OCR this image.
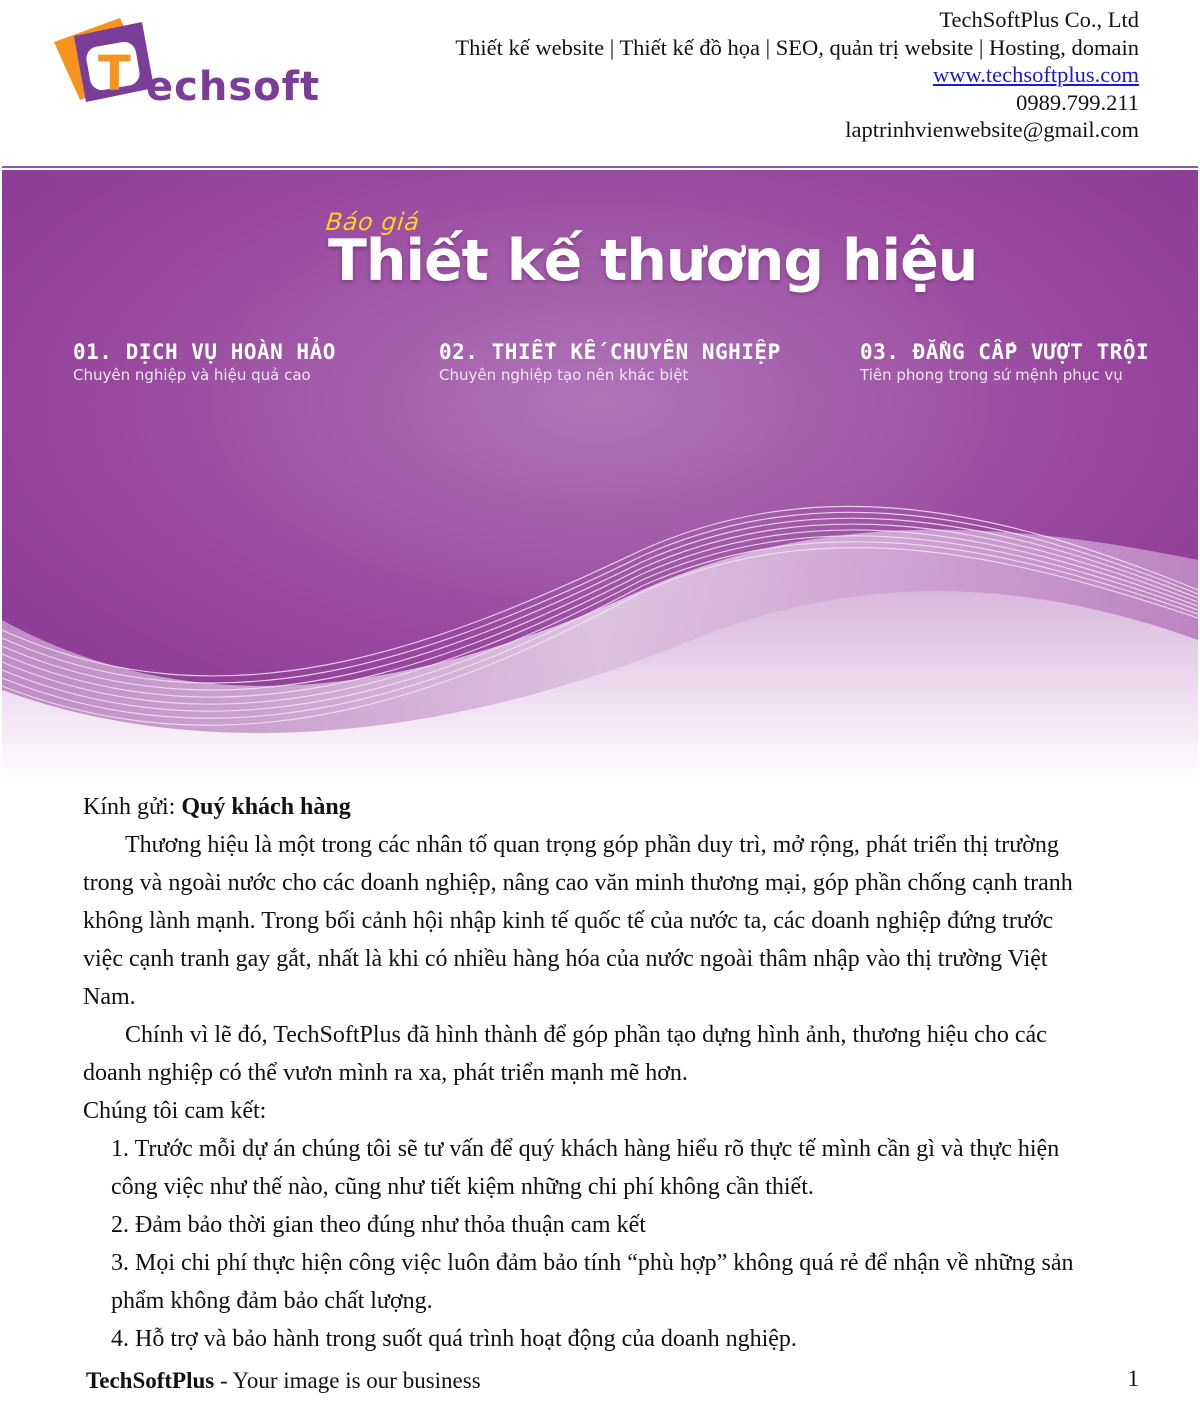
T echsoft
TechSoftPlus Co., Ltd
Thiết kế website | Thiết kế đồ họa | SEO, quản trị website | Hosting, domain
www.techsoftplus.com
0989.799.211
laptrinhvienwebsite@gmail.com
Báo giá
Thiết kế thương hiệu
01. DỊCH VỤ HOÀN HẢO
Chuyên nghiệp và hiệu quả cao
02. THIẾT KẾ CHUYÊN NGHIỆP
Chuyên nghiệp tạo nên khác biệt
03. ĐẲNG CẤP VƯỢT TRỘI
Tiên phong trong sứ mệnh phục vụ

Kính gửi: Quý khách hàng

Thương hiệu là một trong các nhân tố quan trọng góp phần duy trì, mở rộng, phát triển thị trường trong và ngoài nước cho các doanh nghiệp, nâng cao văn minh thương mại, góp phần chống cạnh tranh không lành mạnh. Trong bối cảnh hội nhập kinh tế quốc tế của nước ta, các doanh nghiệp đứng trước việc cạnh tranh gay gắt, nhất là khi có nhiều hàng hóa của nước ngoài thâm nhập vào thị trường Việt Nam.

Chính vì lẽ đó, TechSoftPlus đã hình thành để góp phần tạo dựng hình ảnh, thương hiệu cho các doanh nghiệp có thể vươn mình ra xa, phát triển mạnh mẽ hơn.

Chúng tôi cam kết:

1. Trước mỗi dự án chúng tôi sẽ tư vấn để quý khách hàng hiểu rõ thực tế mình cần gì và thực hiện công việc như thế nào, cũng như tiết kiệm những chi phí không cần thiết.

2. Đảm bảo thời gian theo đúng như thỏa thuận cam kết

3. Mọi chi phí thực hiện công việc luôn đảm bảo tính “phù hợp” không quá rẻ để nhận về những sản phẩm không đảm bảo chất lượng.

4. Hỗ trợ và bảo hành trong suốt quá trình hoạt động của doanh nghiệp.

TechSoftPlus - Your image is our business	1
